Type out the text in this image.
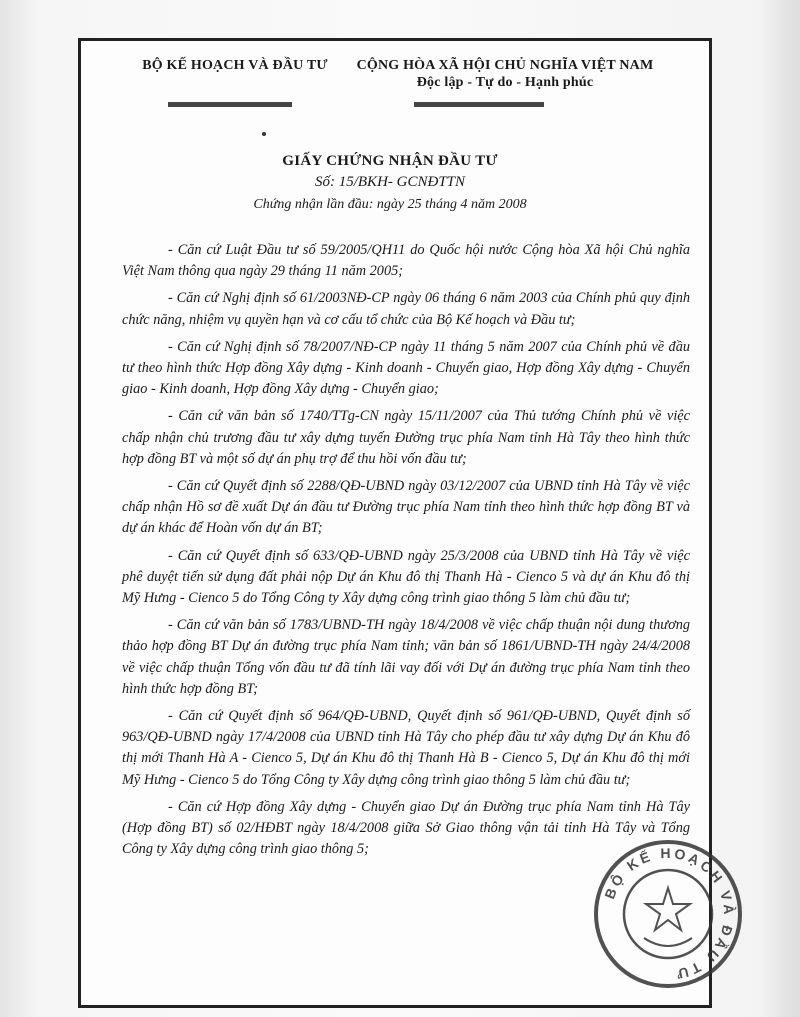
BỘ KẾ HOẠCH VÀ ĐẦU TƯ	CỘNG HÒA XÃ HỘI CHỦ NGHĨA VIỆT NAM
Độc lập - Tự do - Hạnh phúc
GIẤY CHỨNG NHẬN ĐẦU TƯ
Số: 15/BKH- GCNĐTTN
Chứng nhận lần đầu: ngày 25 tháng 4 năm 2008

- Căn cứ Luật Đầu tư số 59/2005/QH11 do Quốc hội nước Cộng hòa Xã hội Chủ nghĩa Việt Nam thông qua ngày 29 tháng 11 năm 2005;

- Căn cứ Nghị định số 61/2003NĐ-CP ngày 06 tháng 6 năm 2003 của Chính phủ quy định chức năng, nhiệm vụ quyền hạn và cơ cấu tổ chức của Bộ Kế hoạch và Đầu tư;

- Căn cứ Nghị định số 78/2007/NĐ-CP ngày 11 tháng 5 năm 2007 của Chính phủ về đầu tư theo hình thức Hợp đồng Xây dựng - Kinh doanh - Chuyển giao, Hợp đồng Xây dựng - Chuyển giao - Kinh doanh, Hợp đồng Xây dựng - Chuyển giao;

- Căn cứ văn bản số 1740/TTg-CN ngày 15/11/2007 của Thủ tướng Chính phủ về việc chấp nhận chủ trương đầu tư xây dựng tuyến Đường trục phía Nam tỉnh Hà Tây theo hình thức hợp đồng BT và một số dự án phụ trợ để thu hồi vốn đầu tư;

- Căn cứ Quyết định số 2288/QĐ-UBND ngày 03/12/2007 của UBND tỉnh Hà Tây về việc chấp nhận Hồ sơ đề xuất Dự án đầu tư Đường trục phía Nam tỉnh theo hình thức hợp đồng BT và dự án khác để Hoàn vốn dự án BT;

- Căn cứ Quyết định số 633/QĐ-UBND ngày 25/3/2008 của UBND tỉnh Hà Tây về việc phê duyệt tiến sử dụng đất phải nộp Dự án Khu đô thị Thanh Hà - Cienco 5 và dự án Khu đô thị Mỹ Hưng - Cienco 5 do Tổng Công ty Xây dựng công trình giao thông 5 làm chủ đầu tư;

- Căn cứ văn bản số 1783/UBND-TH ngày 18/4/2008 về việc chấp thuận nội dung thương thảo hợp đồng BT Dự án đường trục phía Nam tỉnh; văn bản số 1861/UBND-TH ngày 24/4/2008 về việc chấp thuận Tổng vốn đầu tư đã tính lãi vay đối với Dự án đường trục phía Nam tỉnh theo hình thức hợp đồng BT;

- Căn cứ Quyết định số 964/QĐ-UBND, Quyết định số 961/QĐ-UBND, Quyết định số 963/QĐ-UBND ngày 17/4/2008 của UBND tỉnh Hà Tây cho phép đầu tư xây dựng Dự án Khu đô thị mới Thanh Hà A - Cienco 5, Dự án Khu đô thị Thanh Hà B - Cienco 5, Dự án Khu đô thị mới Mỹ Hưng - Cienco 5 do Tổng Công ty Xây dựng công trình giao thông 5 làm chủ đầu tư;

- Căn cứ Hợp đồng Xây dựng - Chuyển giao Dự án Đường trục phía Nam tỉnh Hà Tây (Hợp đồng BT) số 02/HĐBT ngày 18/4/2008 giữa Sở Giao thông vận tải tỉnh Hà Tây và Tổng Công ty Xây dựng công trình giao thông 5;

BỘ KẾ HOẠCH VÀ ĐẦU TƯ
